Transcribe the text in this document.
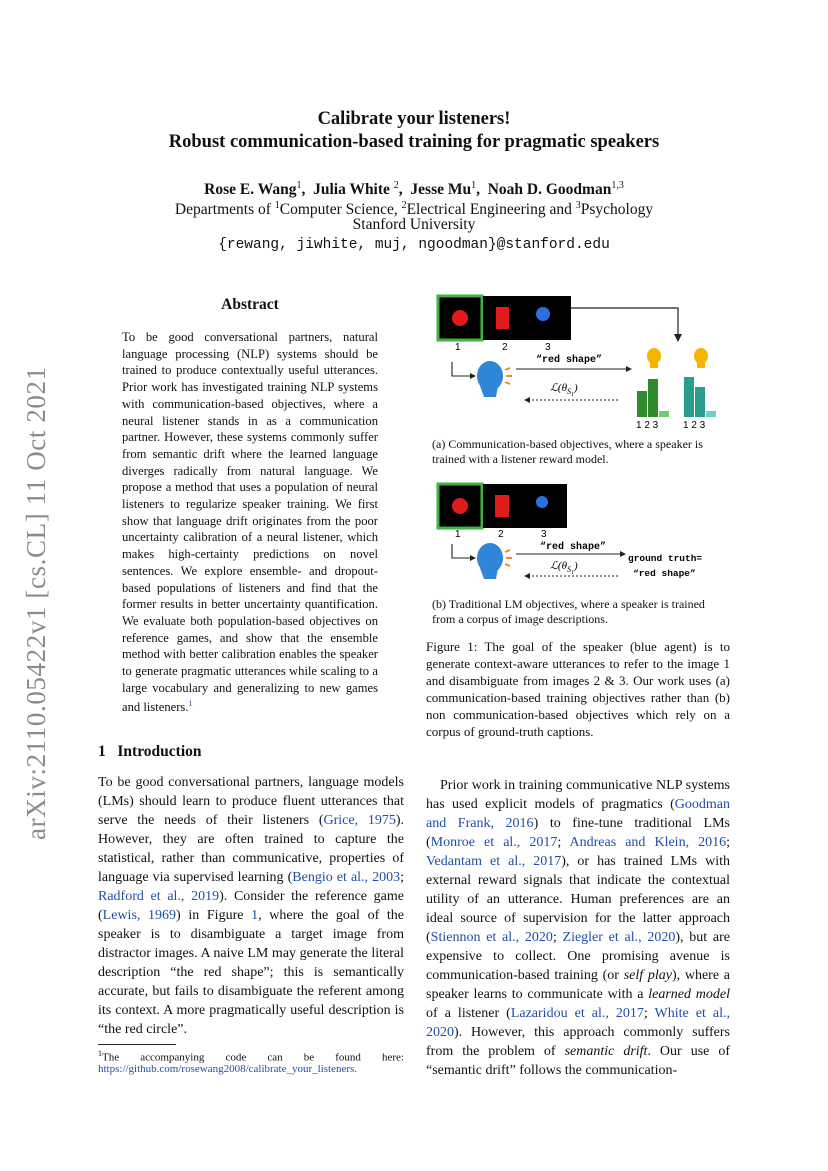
arXiv:2110.05422v1 [cs.CL] 11 Oct 2021
Calibrate your listeners!
Robust communication-based training for pragmatic speakers
Rose E. Wang$^1$,  Julia White $^2$,  Jesse Mu$^1$,  Noah D. Goodman$^{1,3}$
Departments of $^1$Computer Science, $^2$Electrical Engineering and $^3$Psychology
Stanford University
{rewang, jiwhite, muj, ngoodman}@stanford.edu
Abstract
To be good conversational partners, natural language processing (NLP) systems should be trained to produce contextually useful utterances. Prior work has investigated training NLP systems with communication-based objectives, where a neural listener stands in as a communication partner. However, these systems commonly suffer from semantic drift where the learned language diverges radically from natural language. We propose a method that uses a population of neural listeners to regularize speaker training. We first show that language drift originates from the poor uncertainty calibration of a neural listener, which makes high-certainty predictions on novel sentences. We explore ensemble- and dropout-based populations of listeners and find that the former results in better uncertainty quantification. We evaluate both population-based objectives on reference games, and show that the ensemble method with better calibration enables the speaker to generate pragmatic utterances while scaling to a large vocabulary and generalizing to new games and listeners.$^1$
1	2	3
“red shape”
$ℒ(\theta_S1)$
1 2 3 1 2 3
(a) Communication-based objectives, where a speaker is trained with a listener reward model.
1	2	3
“red shape”
$ℒ(\theta_S1)$
ground truth=
“red shape”
(b) Traditional LM objectives, where a speaker is trained from a corpus of image descriptions.
Figure 1: The goal of the speaker (blue agent) is to generate context-aware utterances to refer to the image 1 and disambiguate from images 2 & 3. Our work uses (a) communication-based training objectives rather than (b) non communication-based objectives which rely on a corpus of ground-truth captions.
1 Introduction
To be good conversational partners, language models (LMs) should learn to produce fluent utterances that serve the needs of their listeners (Grice, 1975). However, they are often trained to capture the statistical, rather than communicative, properties of language via supervised learning (Bengio et al., 2003; Radford et al., 2019). Consider the reference game (Lewis, 1969) in Figure 1, where the goal of the speaker is to disambiguate a target image from distractor images. A naive LM may generate the literal description “the red shape”; this is semantically accurate, but fails to disambiguate the referent among its context. A more pragmatically useful description is “the red circle”.
Prior work in training communicative NLP systems has used explicit models of pragmatics (Goodman and Frank, 2016) to fine-tune traditional LMs (Monroe et al., 2017; Andreas and Klein, 2016; Vedantam et al., 2017), or has trained LMs with external reward signals that indicate the contextual utility of an utterance. Human preferences are an ideal source of supervision for the latter approach (Stiennon et al., 2020; Ziegler et al., 2020), but are expensive to collect. One promising avenue is communication-based training (or self play), where a speaker learns to communicate with a learned model of a listener (Lazaridou et al., 2017; White et al., 2020). However, this approach commonly suffers from the problem of semantic drift. Our use of “semantic drift” follows the communication-
$^1$The accompanying code can be found here:
https://github.com/rosewang2008/calibrate_your_listeners.
